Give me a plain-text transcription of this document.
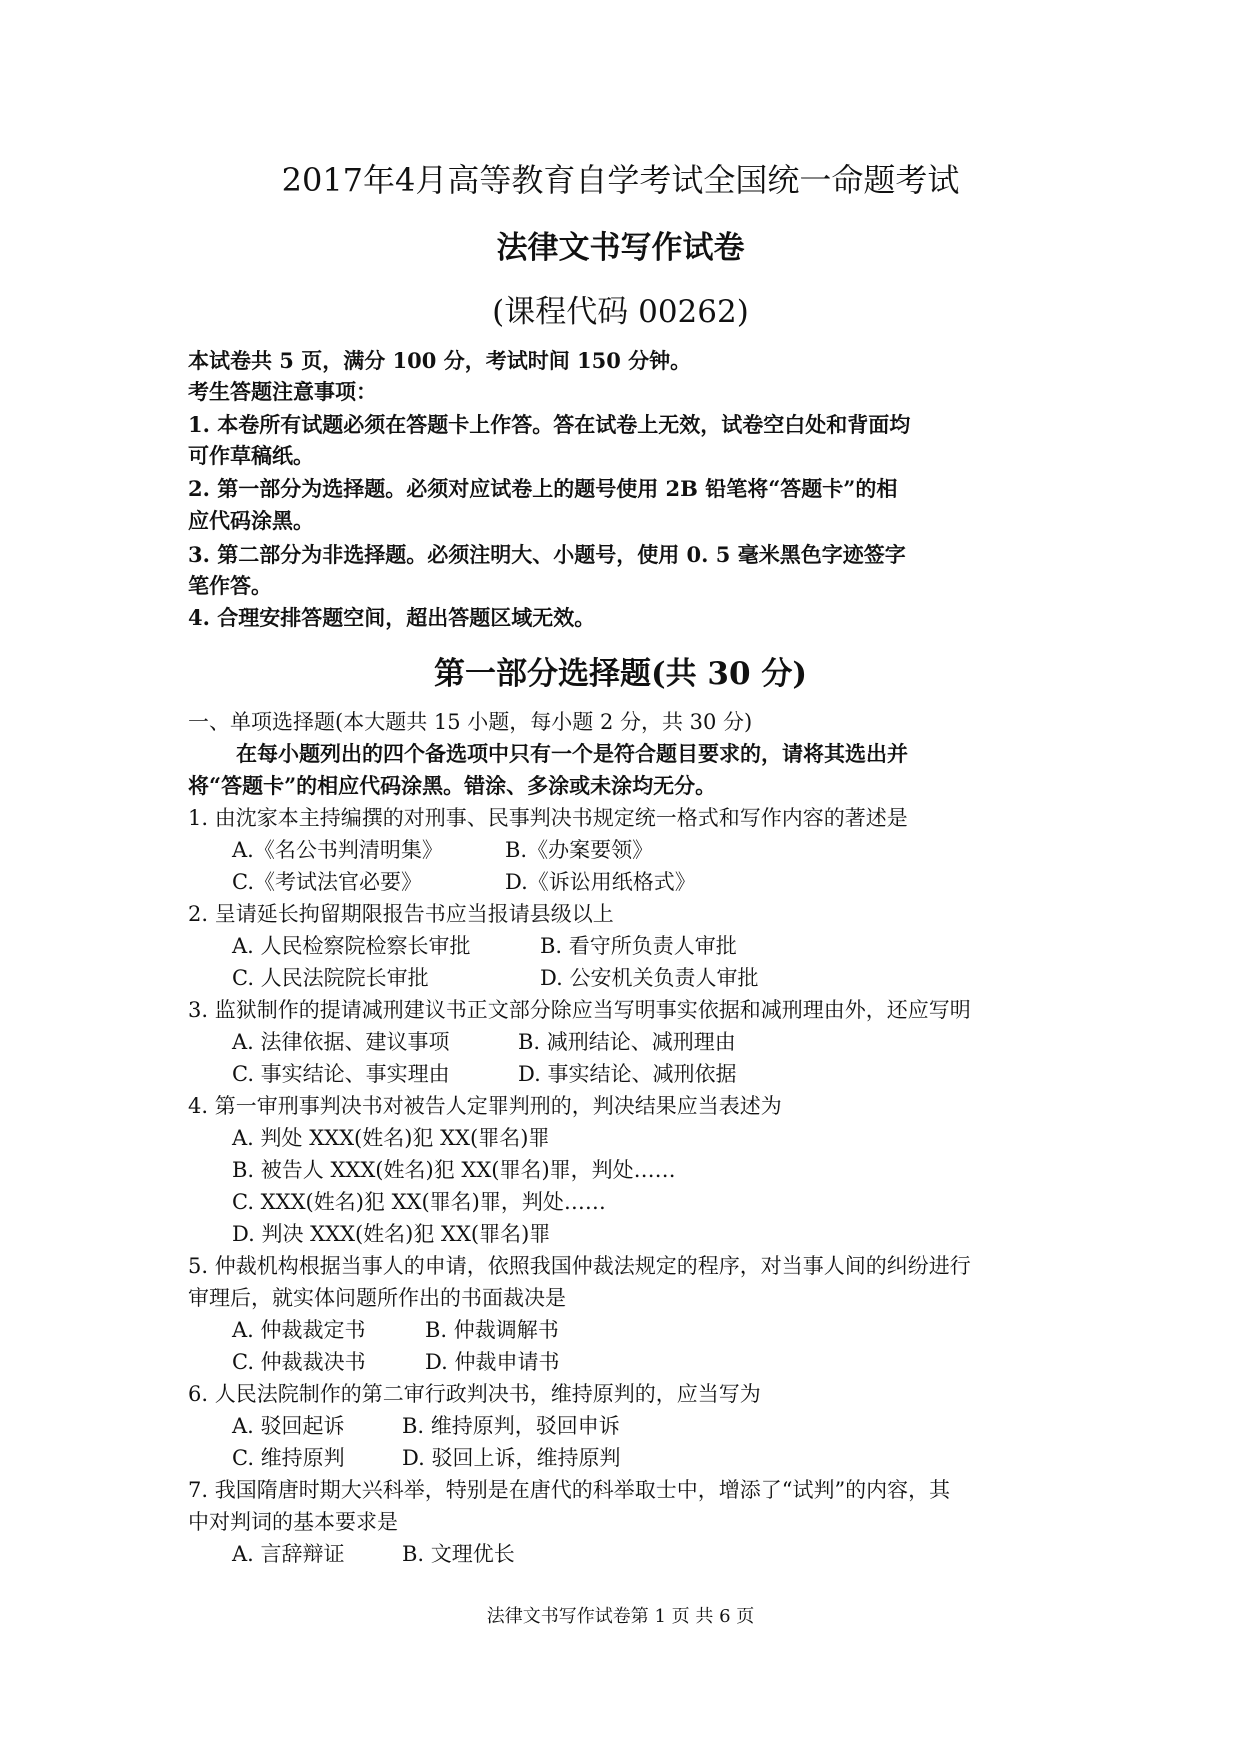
2017年4月高等教育自学考试全国统一命题考试
法律文书写作试卷
(课程代码 00262)
本试卷共 5 页，满分 100 分，考试时间 150 分钟。
考生答题注意事项：
1. 本卷所有试题必须在答题卡上作答。答在试卷上无效，试卷空白处和背面均
可作草稿纸。
2. 第一部分为选择题。必须对应试卷上的题号使用 2B 铅笔将“答题卡”的相
应代码涂黑。
3. 第二部分为非选择题。必须注明大、小题号，使用 0. 5 毫米黑色字迹签字
笔作答。
4. 合理安排答题空间，超出答题区域无效。
第一部分选择题(共 30 分)
一、单项选择题(本大题共 15 小题，每小题 2 分，共 30 分)
在每小题列出的四个备选项中只有一个是符合题目要求的，请将其选出并
将“答题卡”的相应代码涂黑。错涂、多涂或未涂均无分。
1. 由沈家本主持编撰的对刑事、民事判决书规定统一格式和写作内容的著述是
A.《名公书判清明集》	B.《办案要领》
C.《考试法官必要》	D.《诉讼用纸格式》
2. 呈请延长拘留期限报告书应当报请县级以上
A. 人民检察院检察长审批	B. 看守所负责人审批
C. 人民法院院长审批	D. 公安机关负责人审批
3. 监狱制作的提请减刑建议书正文部分除应当写明事实依据和减刑理由外，还应写明
A. 法律依据、建议事项	B. 减刑结论、减刑理由
C. 事实结论、事实理由	D. 事实结论、减刑依据
4. 第一审刑事判决书对被告人定罪判刑的，判决结果应当表述为
A. 判处 XXX(姓名)犯 XX(罪名)罪
B. 被告人 XXX(姓名)犯 XX(罪名)罪，判处……
C. XXX(姓名)犯 XX(罪名)罪，判处……
D. 判决 XXX(姓名)犯 XX(罪名)罪
5. 仲裁机构根据当事人的申请，依照我国仲裁法规定的程序，对当事人间的纠纷进行
审理后，就实体问题所作出的书面裁决是
A. 仲裁裁定书	B. 仲裁调解书
C. 仲裁裁决书	D. 仲裁申请书
6. 人民法院制作的第二审行政判决书，维持原判的，应当写为
A. 驳回起诉	B. 维持原判，驳回申诉
C. 维持原判	D. 驳回上诉，维持原判
7. 我国隋唐时期大兴科举，特别是在唐代的科举取士中，增添了“试判”的内容，其
中对判词的基本要求是
A. 言辞辩证	B. 文理优长
法律文书写作试卷第 1 页 共 6 页
